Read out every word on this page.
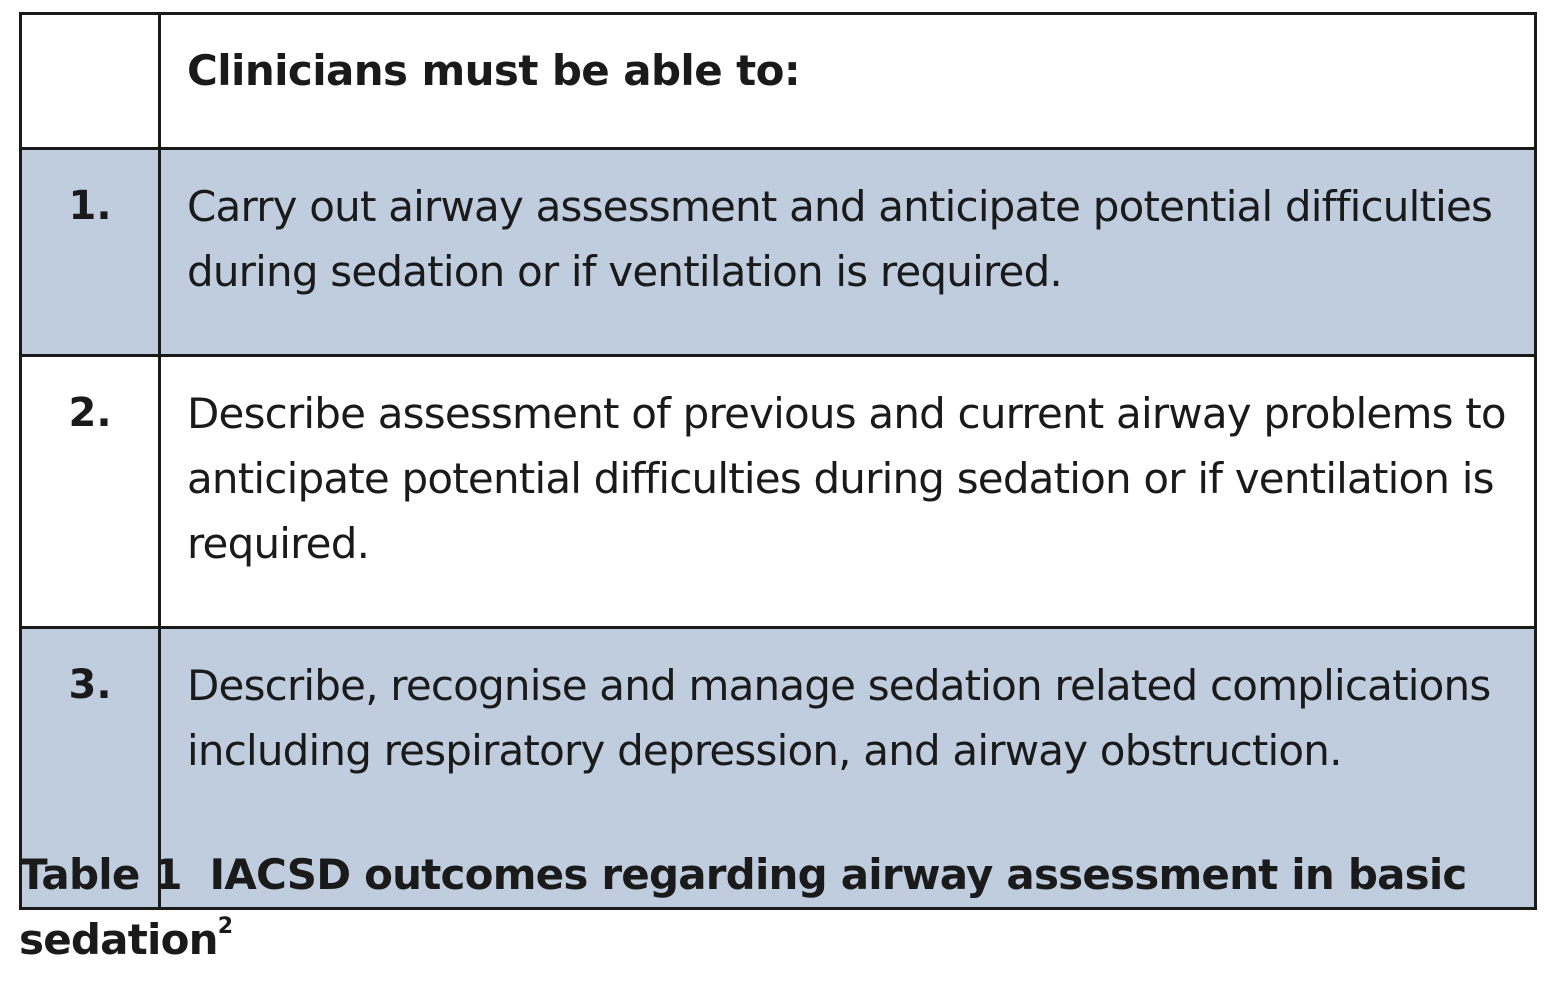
	Clinicians must be able to:
1.	Carry out airway assessment and anticipate potential difficulties during sedation or if ventilation is required.
2.	Describe assessment of previous and current airway problems to anticipate potential difficulties during sedation or if ventilation is required.
3.	Describe, recognise and manage sedation related complications including respiratory depression, and airway obstruction.

Table 1 IACSD outcomes regarding airway assessment in basic sedation$^2$
